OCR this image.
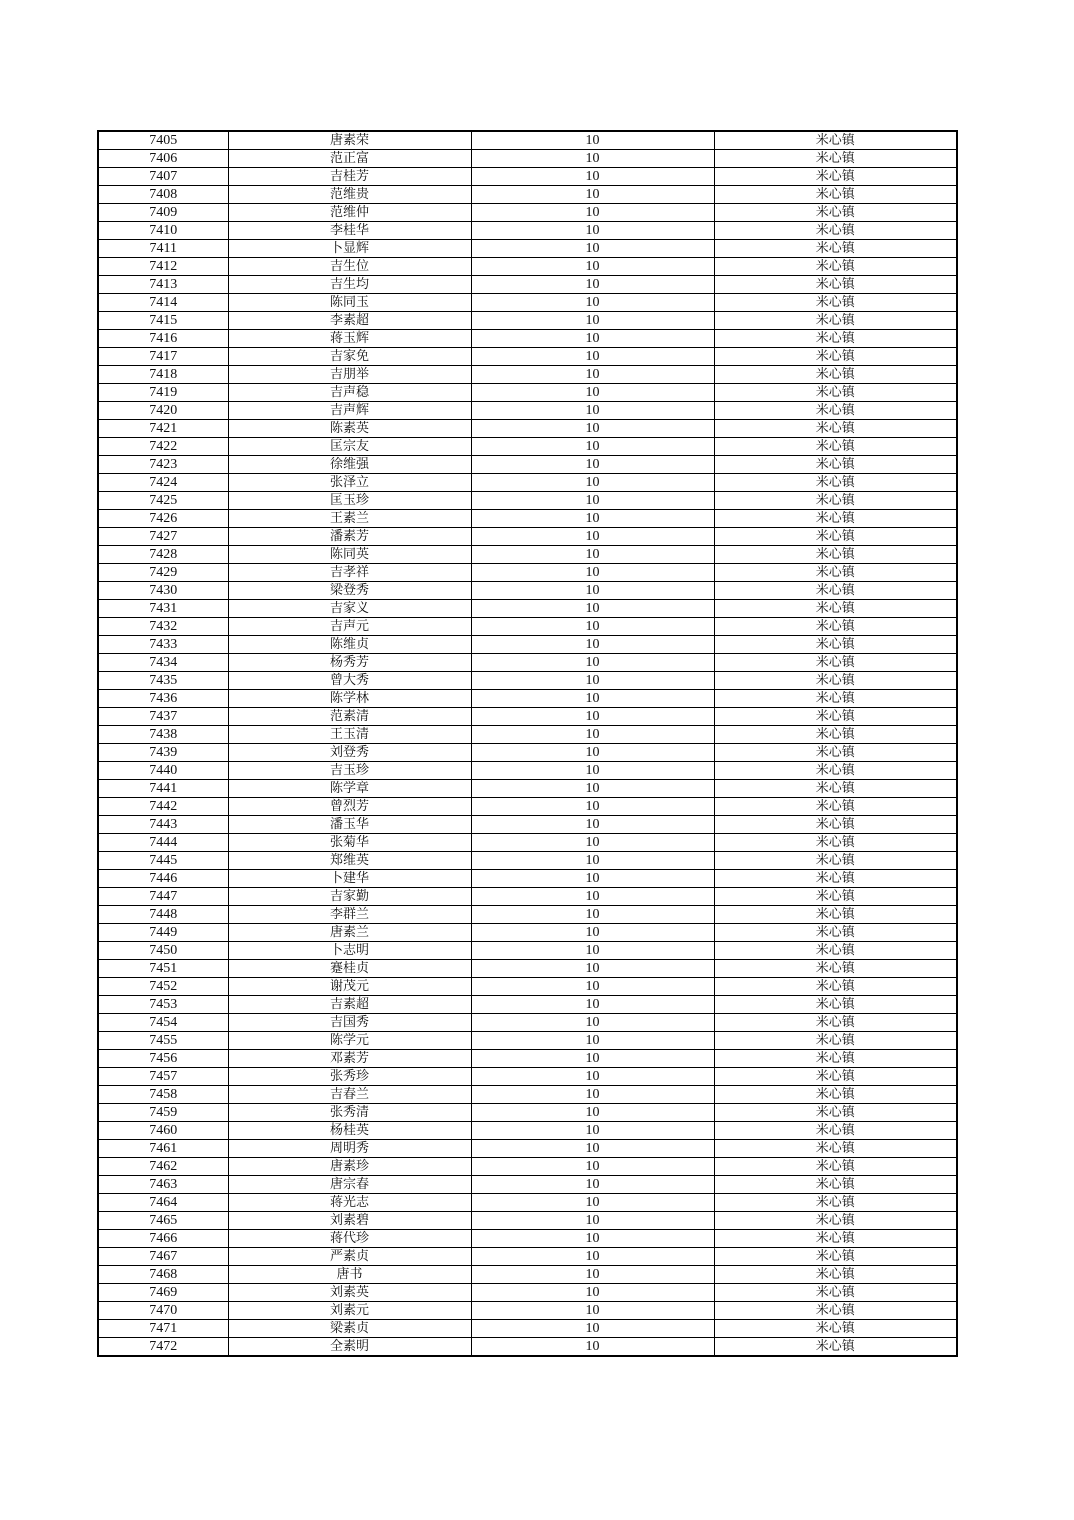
7405	唐素荣	10	米心镇
7406	范正富	10	米心镇
7407	吉桂芳	10	米心镇
7408	范维贵	10	米心镇
7409	范维仲	10	米心镇
7410	李桂华	10	米心镇
7411	卜显辉	10	米心镇
7412	吉生位	10	米心镇
7413	吉生均	10	米心镇
7414	陈同玉	10	米心镇
7415	李素超	10	米心镇
7416	蒋玉辉	10	米心镇
7417	吉家免	10	米心镇
7418	吉朋举	10	米心镇
7419	吉声稳	10	米心镇
7420	吉声辉	10	米心镇
7421	陈素英	10	米心镇
7422	匡宗友	10	米心镇
7423	徐维强	10	米心镇
7424	张泽立	10	米心镇
7425	匡玉珍	10	米心镇
7426	王素兰	10	米心镇
7427	潘素芳	10	米心镇
7428	陈同英	10	米心镇
7429	吉孝祥	10	米心镇
7430	梁登秀	10	米心镇
7431	吉家义	10	米心镇
7432	吉声元	10	米心镇
7433	陈维贞	10	米心镇
7434	杨秀芳	10	米心镇
7435	曾大秀	10	米心镇
7436	陈学林	10	米心镇
7437	范素清	10	米心镇
7438	王玉清	10	米心镇
7439	刘登秀	10	米心镇
7440	吉玉珍	10	米心镇
7441	陈学章	10	米心镇
7442	曾烈芳	10	米心镇
7443	潘玉华	10	米心镇
7444	张菊华	10	米心镇
7445	郑维英	10	米心镇
7446	卜建华	10	米心镇
7447	吉家勤	10	米心镇
7448	李群兰	10	米心镇
7449	唐素兰	10	米心镇
7450	卜志明	10	米心镇
7451	蹇桂贞	10	米心镇
7452	谢茂元	10	米心镇
7453	吉素超	10	米心镇
7454	吉国秀	10	米心镇
7455	陈学元	10	米心镇
7456	邓素芳	10	米心镇
7457	张秀珍	10	米心镇
7458	吉春兰	10	米心镇
7459	张秀清	10	米心镇
7460	杨桂英	10	米心镇
7461	周明秀	10	米心镇
7462	唐素珍	10	米心镇
7463	唐宗春	10	米心镇
7464	蒋光志	10	米心镇
7465	刘素碧	10	米心镇
7466	蒋代珍	10	米心镇
7467	严素贞	10	米心镇
7468	唐书	10	米心镇
7469	刘素英	10	米心镇
7470	刘素元	10	米心镇
7471	梁素贞	10	米心镇
7472	全素明	10	米心镇
